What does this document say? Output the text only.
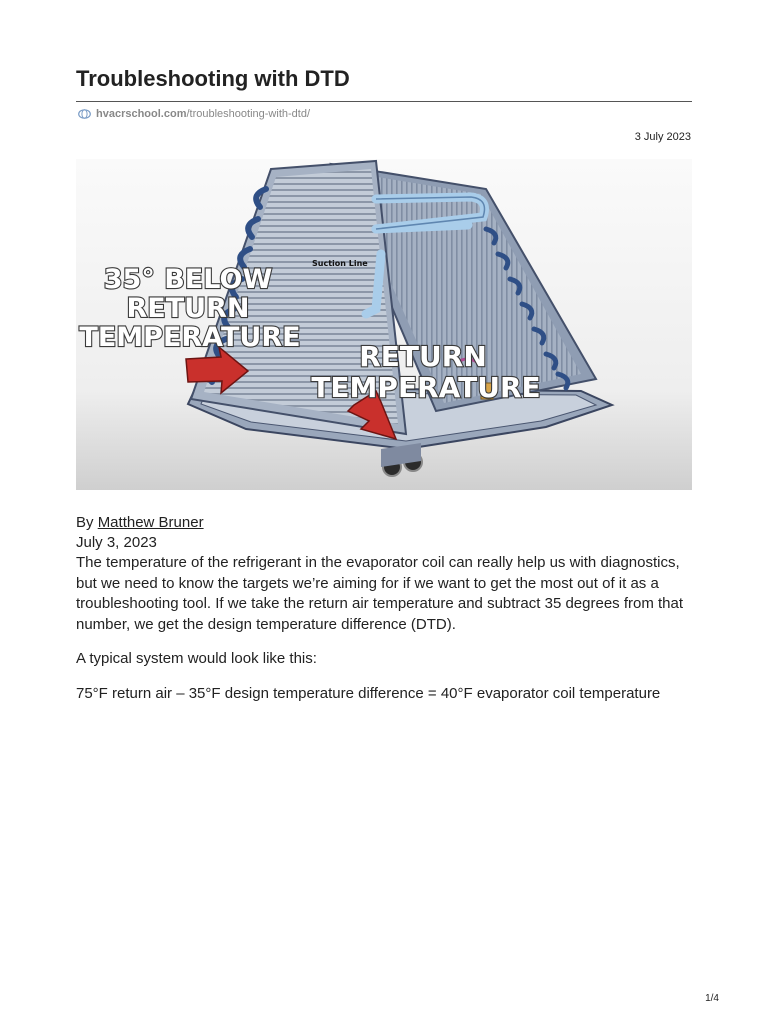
Troubleshooting with DTD
hvacrschool.com /troubleshooting-with-dtd/
3 July 2023
Suction Line
35° BELOW
RETURN
TEMPERATURE
RETURN
TEMPERATURE
By Matthew Bruner
July 3, 2023

The temperature of the refrigerant in the evaporator coil can really help us with diagnostics, but we need to know the targets we’re aiming for if we want to get the most out of it as a troubleshooting tool. If we take the return air temperature and subtract 35 degrees from that number, we get the design temperature difference (DTD).

A typical system would look like this:

75°F return air – 35°F design temperature difference = 40°F evaporator coil temperature

1/4
